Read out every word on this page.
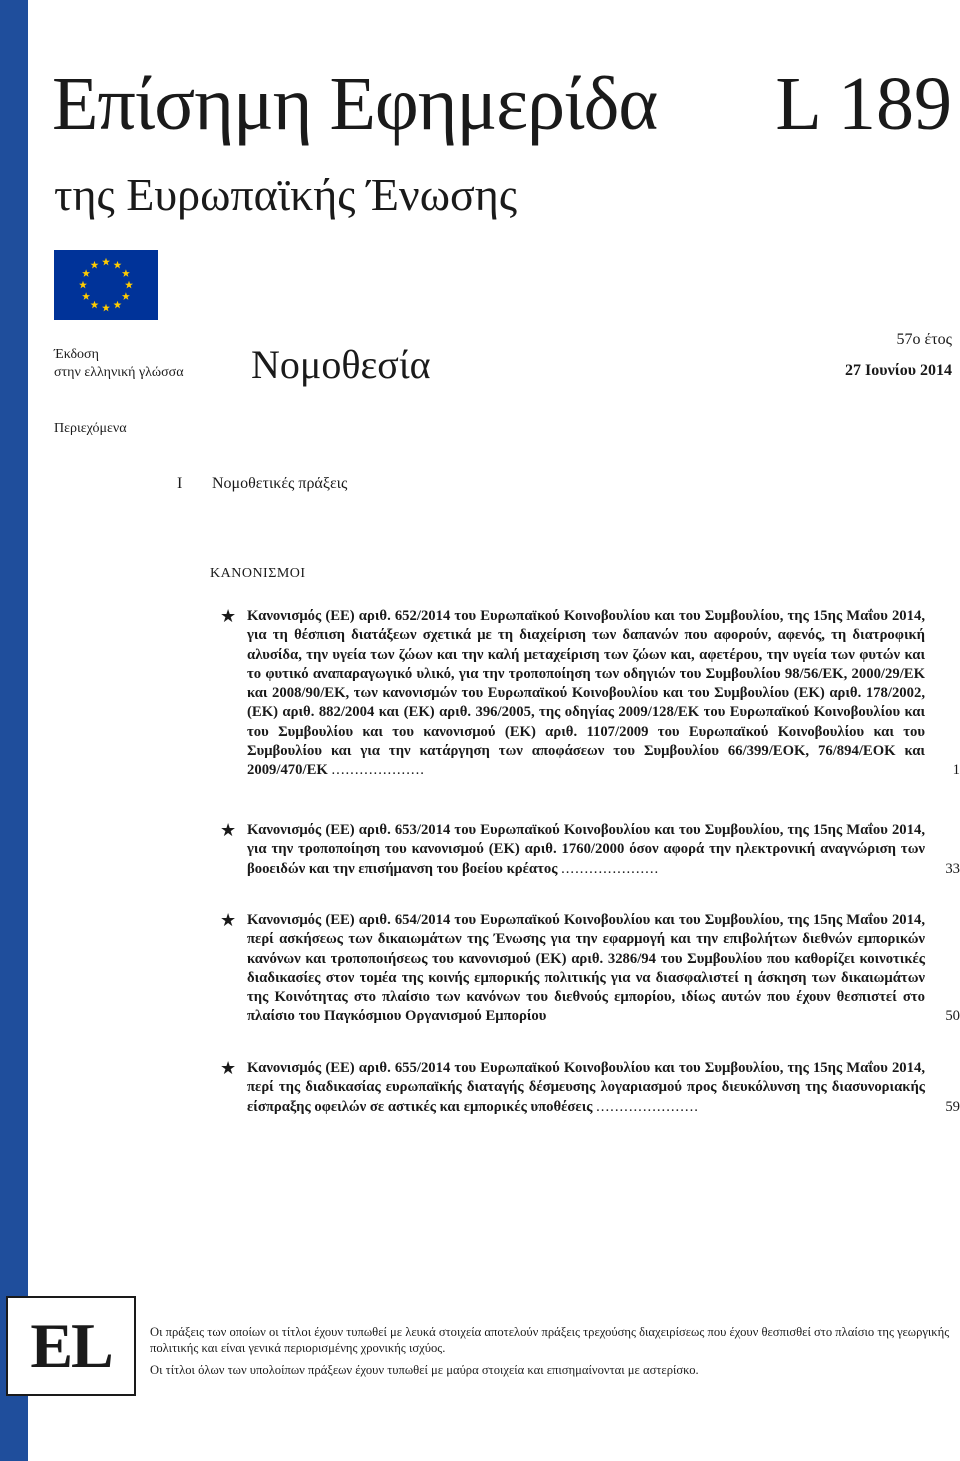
Επίσημη Εφημερίδα L 189
της Ευρωπαϊκής Ένωσης
Έκδοση
στην ελληνική γλώσσα Νομοθεσία
57ο έτος
27 Ιουνίου 2014
Περιεχόμενα
I Νομοθετικές πράξεις
ΚΑΝΟΝΙΣΜΟΙ
★ Κανονισμός (ΕΕ) αριθ. 652/2014 του Ευρωπαϊκού Κοινοβουλίου και του Συμβουλίου, της 15ης Μαΐου 2014, για τη θέσπιση διατάξεων σχετικά με τη διαχείριση των δαπανών που αφορούν, αφενός, τη διατροφική αλυσίδα, την υγεία των ζώων και την καλή μεταχείριση των ζώων και, αφετέρου, την υγεία των φυτών και το φυτικό αναπαραγωγικό υλικό, για την τροποποίηση των οδηγιών του Συμβουλίου 98/56/ΕΚ, 2000/29/ΕΚ και 2008/90/ΕΚ, των κανονισμών του Ευρωπαϊκού Κοινοβουλίου και του Συμβουλίου (ΕΚ) αριθ. 178/2002, (ΕΚ) αριθ. 882/2004 και (ΕΚ) αριθ. 396/2005, της οδηγίας 2009/128/ΕΚ του Ευρωπαϊκού Κοινοβουλίου και του Συμβουλίου και του κανονισμού (ΕΚ) αριθ. 1107/2009 του Ευρωπαϊκού Κοινοβουλίου και του Συμβουλίου και για την κατάργηση των αποφάσεων του Συμβουλίου 66/399/ΕΟΚ, 76/894/ΕΟΚ και 2009/470/ΕΚ ....................	1
★ Κανονισμός (ΕΕ) αριθ. 653/2014 του Ευρωπαϊκού Κοινοβουλίου και του Συμβουλίου, της 15ης Μαΐου 2014, για την τροποποίηση του κανονισμού (ΕΚ) αριθ. 1760/2000 όσον αφορά την ηλεκτρονική αναγνώριση των βοοειδών και την επισήμανση του βοείου κρέατος .....................	33
★ Κανονισμός (ΕΕ) αριθ. 654/2014 του Ευρωπαϊκού Κοινοβουλίου και του Συμβουλίου, της 15ης Μαΐου 2014, περί ασκήσεως των δικαιωμάτων της Ένωσης για την εφαρμογή και την επιβολήτων διεθνών εμπορικών κανόνων και τροποποιήσεως του κανονισμού (ΕΚ) αριθ. 3286/94 του Συμβουλίου που καθορίζει κοινοτικές διαδικασίες στον τομέα της κοινής εμπορικής πολιτικής για να διασφαλιστεί η άσκηση των δικαιωμάτων της Κοινότητας στο πλαίσιο των κανόνων του διεθνούς εμπορίου, ιδίως αυτών που έχουν θεσπιστεί στο πλαίσιο του Παγκόσμιου Οργανισμού Εμπορίου	50
★ Κανονισμός (ΕΕ) αριθ. 655/2014 του Ευρωπαϊκού Κοινοβουλίου και του Συμβουλίου, της 15ης Μαΐου 2014, περί της διαδικασίας ευρωπαϊκής διαταγής δέσμευσης λογαριασμού προς διευκόλυνση της διασυνοριακής είσπραξης οφειλών σε αστικές και εμπορικές υποθέσεις ......................	59
EL	Οι πράξεις των οποίων οι τίτλοι έχουν τυπωθεί με λευκά στοιχεία αποτελούν πράξεις τρεχούσης διαχειρίσεως που έχουν θεσπισθεί στο πλαίσιο της γεωργικής πολιτικής και είναι γενικά περιορισμένης χρονικής ισχύος.
Οι τίτλοι όλων των υπολοίπων πράξεων έχουν τυπωθεί με μαύρα στοιχεία και επισημαίνονται με αστερίσκο.
